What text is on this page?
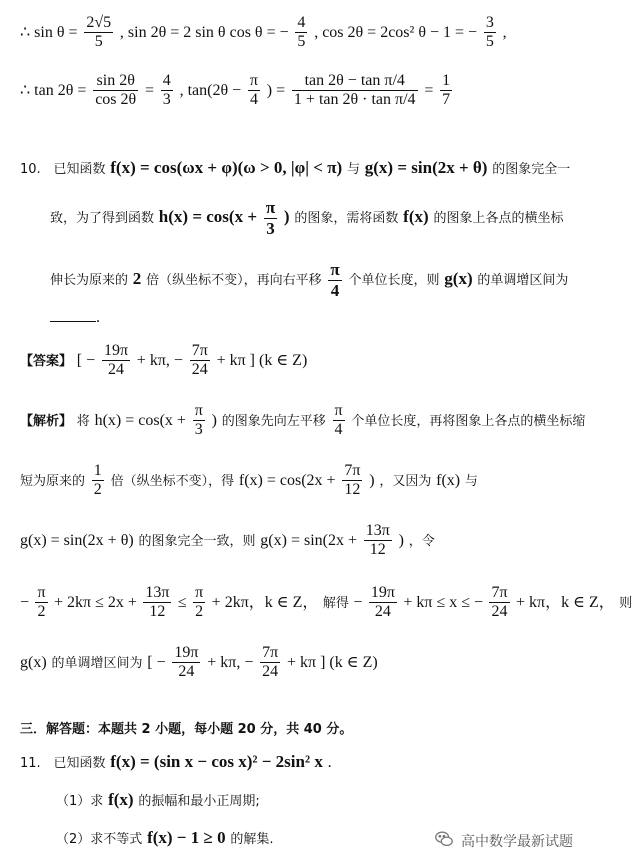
∴ $\sin \theta = \frac{2√5}{5}$ , sin 2θ = 2 sin θ cos θ = − $\frac{4}{5}$ , cos 2θ = 2cos² θ − 1 = − $\frac{3}{5}$ ,
∴ $\tan 2\theta = \frac{\sin 2\theta}{\cos 2\theta} = \frac{4}{3}$ , $\tan(2\theta - \frac{\pi}{4}$ ) = $\frac{\text{tan 2θ − tan π/4}}{\text{1 + tan 2θ · tan π/4}} = \frac{1}{7}$
10. 已知函数 f(x) = cos(ωx + φ)(ω > 0, |φ| < π) 与 g(x) = sin(2x + θ) 的图象完全一
致，为了得到函数 $h(x) = \cos(x + \frac{\pi}{3}$ ) 的图象，需将函数 f(x) 的图象上各点的横坐标
伸长为原来的 2 倍（纵坐标不变），再向右平移 $\frac{\pi}{4}$ 个单位长度，则 g(x) 的单调增区间为
.
【答案】 [ − $\frac{19\pi}{24} + k\pi$, − $\frac{7\pi}{24} + k\pi$ ] (k ∈ Z)
【解析】 将 $h(x) = \cos(x + \frac{\pi}{3}$ ) 的图象先向左平移 $\frac{\pi}{4}$ 个单位长度，再将图象上各点的横坐标缩
短为原来的 $\frac{1}{2}$ 倍（纵坐标不变），得 $f(x) = \cos(2x + \frac{7\pi}{12}$ ) ，又因为 f(x) 与
g(x) = sin(2x + θ) 的图象完全一致，则 $g(x) = \sin(2x + \frac{13\pi}{12}$ ) ，令
− $\frac{\pi}{2} + 2k\pi \le 2x + \frac{13\pi}{12} \le \frac{\pi}{2} + 2k\pi$，k ∈ Z， 解得 − $\frac{19\pi}{24} + k\pi \le x$ ≤ − $\frac{7\pi}{24} + k\pi$，k ∈ Z， 则
g(x) 的单调增区间为 [ − $\frac{19\pi}{24} + k\pi$, − $\frac{7\pi}{24} + k\pi$ ] (k ∈ Z)
三．解答题：本题共 2 小题，每小题 20 分，共 40 分。
11. 已知函数 f(x) = (sin x − cos x)² − 2sin² x .
（1）求 f(x) 的振幅和最小正周期;
（2）求不等式 f(x) − 1 ≥ 0 的解集.	高中数学最新试题
